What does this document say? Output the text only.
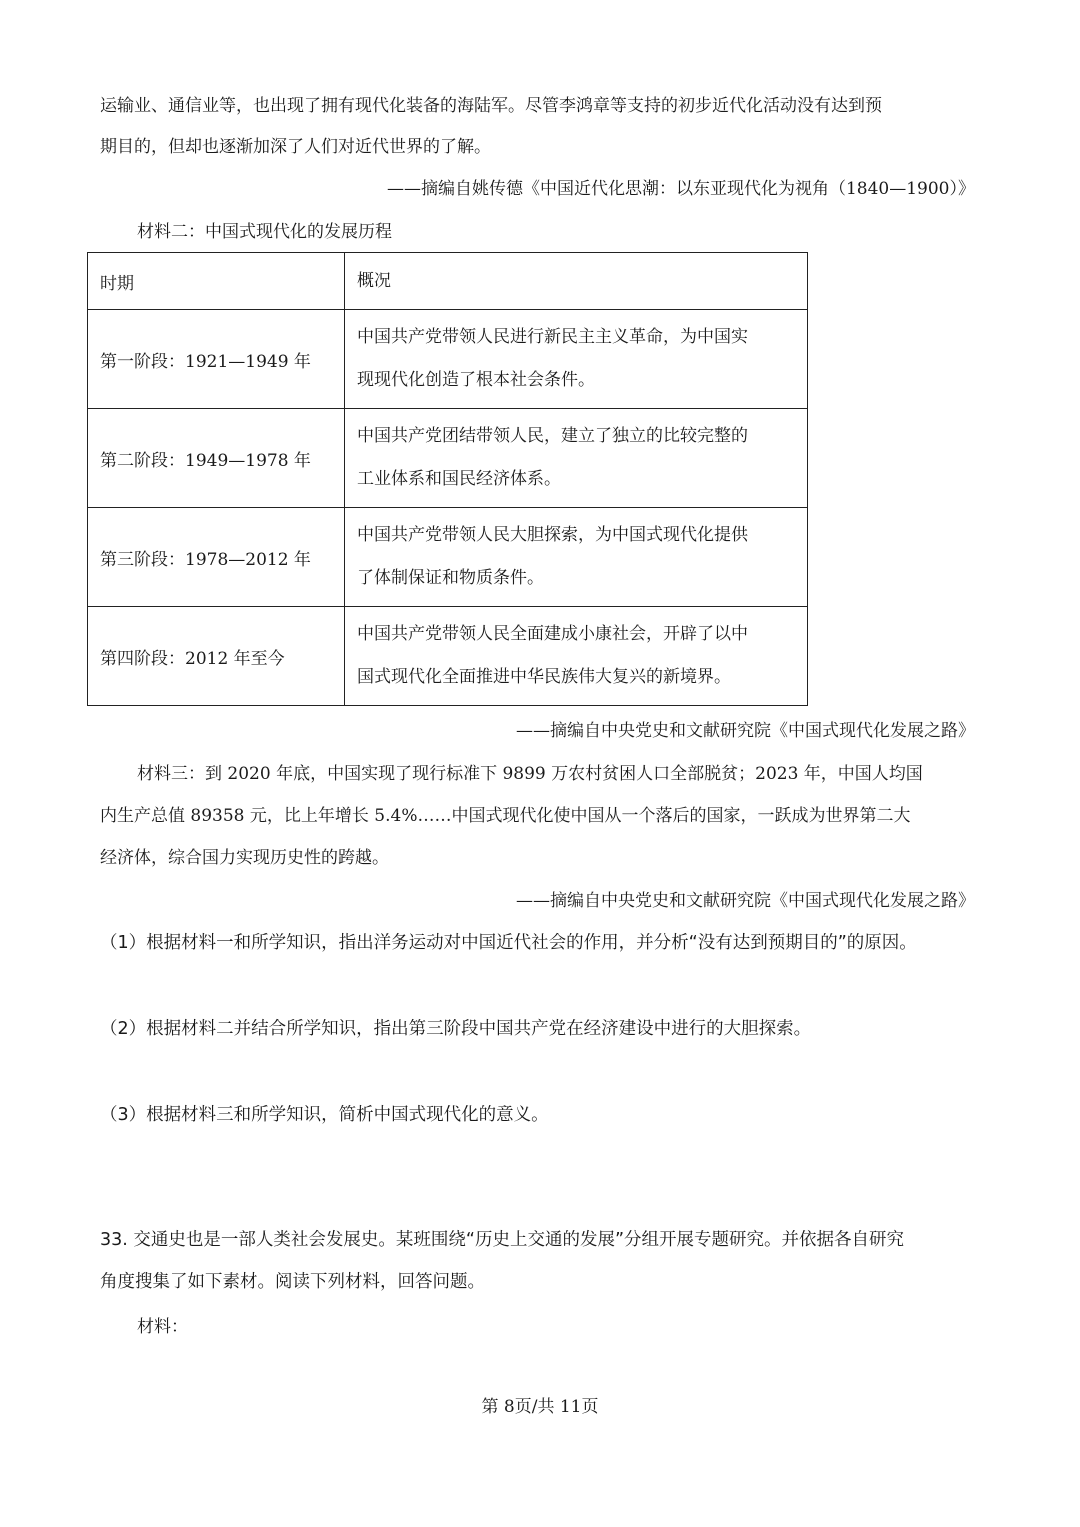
运输业、通信业等，也出现了拥有现代化装备的海陆军。尽管李鸿章等支持的初步近代化活动没有达到预
期目的，但却也逐渐加深了人们对近代世界的了解。
——摘编自姚传德《中国近代化思潮：以东亚现代化为视角（1840—1900）》
材料二：中国式现代化的发展历程
时期	概况
第一阶段：1921—1949 年	中国共产党带领人民进行新民主主义革命，为中国实
现现代化创造了根本社会条件。

第二阶段：1949—1978 年	中国共产党团结带领人民，建立了独立的比较完整的
工业体系和国民经济体系。

第三阶段：1978—2012 年	中国共产党带领人民大胆探索，为中国式现代化提供
了体制保证和物质条件。

第四阶段：2012 年至今	中国共产党带领人民全面建成小康社会，开辟了以中
国式现代化全面推进中华民族伟大复兴的新境界。
——摘编自中央党史和文献研究院《中国式现代化发展之路》
材料三：到 2020 年底，中国实现了现行标准下 9899 万农村贫困人口全部脱贫；2023 年，中国人均国
内生产总值 89358 元，比上年增长 5.4%……中国式现代化使中国从一个落后的国家，一跃成为世界第二大
经济体，综合国力实现历史性的跨越。
——摘编自中央党史和文献研究院《中国式现代化发展之路》
（1）根据材料一和所学知识，指出洋务运动对中国近代社会的作用，并分析“没有达到预期目的”的原因。
（2）根据材料二并结合所学知识，指出第三阶段中国共产党在经济建设中进行的大胆探索。
（3）根据材料三和所学知识，简析中国式现代化的意义。
33. 交通史也是一部人类社会发展史。某班围绕“历史上交通的发展”分组开展专题研究。并依据各自研究
角度搜集了如下素材。阅读下列材料，回答问题。
材料：
第 8页/共 11页
